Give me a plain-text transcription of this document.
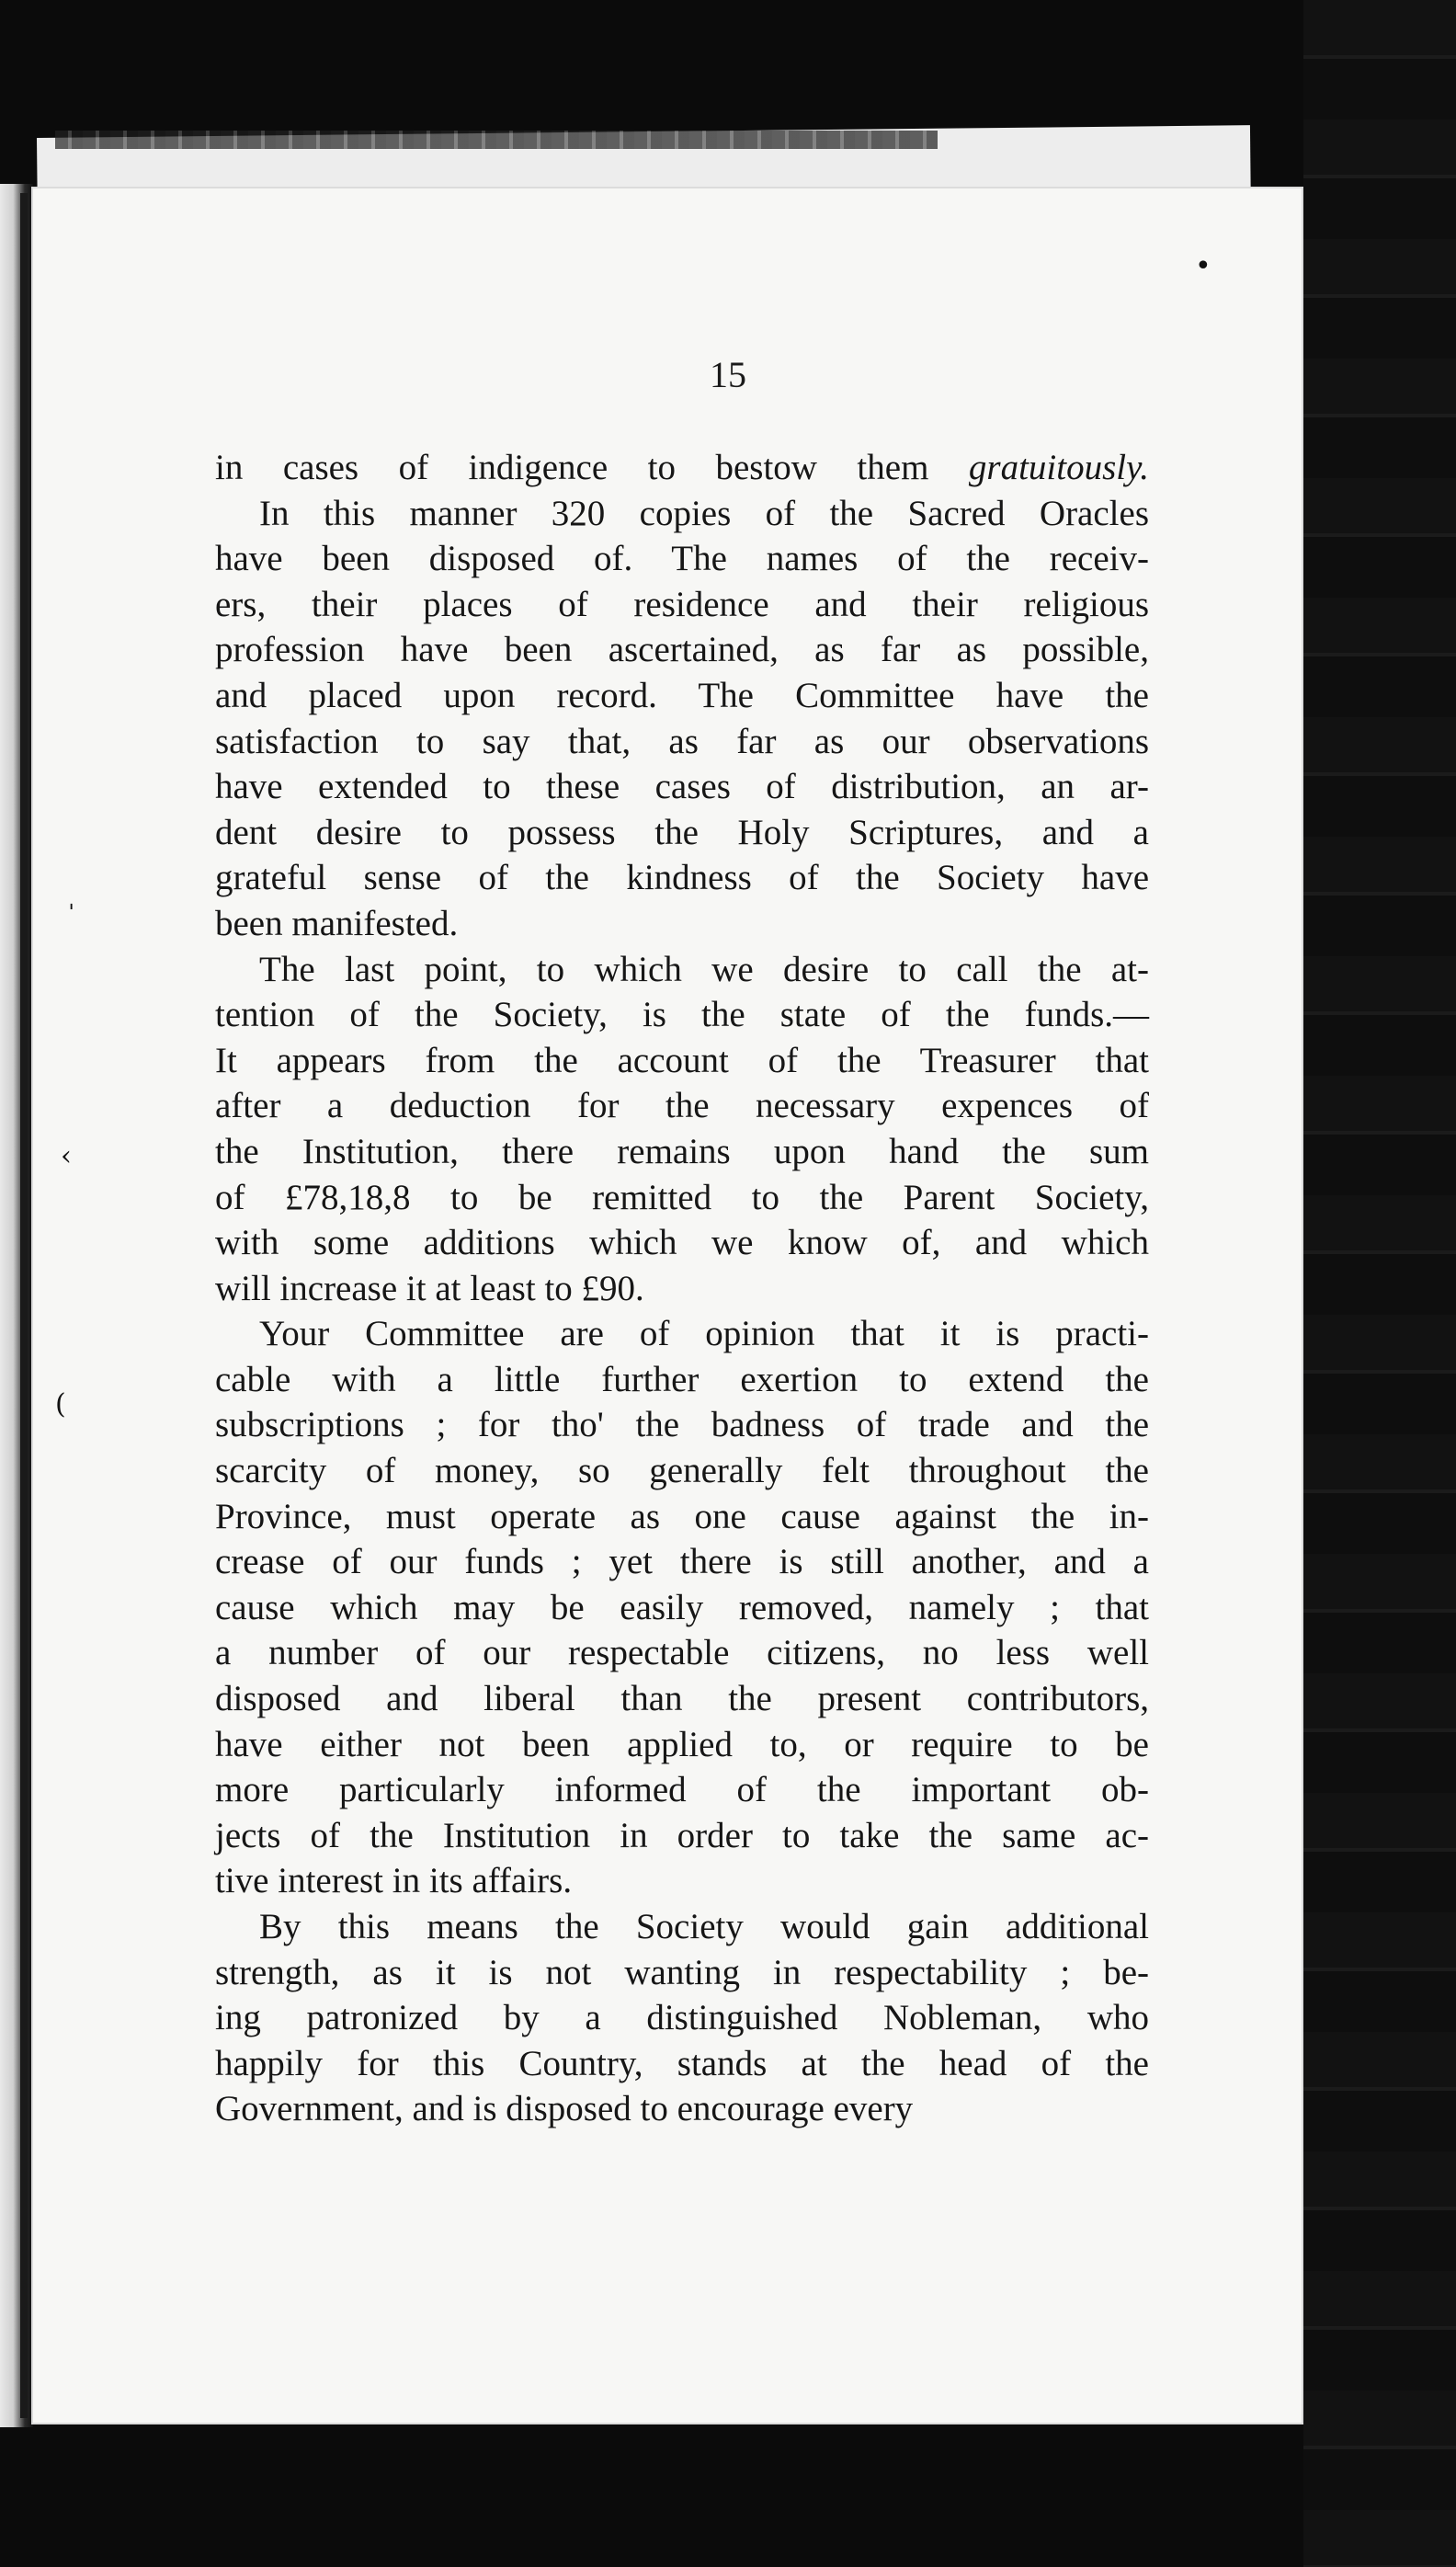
•
ˈ
‹
(
15
in cases of indigence to bestow them gratuitously.
In this manner 320 copies of the Sacred Oracles
have been disposed of. The names of the receiv-
ers, their places of residence and their religious
profession have been ascertained, as far as possible,
and placed upon record. The Committee have the
satisfaction to say that, as far as our observations
have extended to these cases of distribution, an ar-
dent desire to possess the Holy Scriptures, and a
grateful sense of the kindness of the Society have
been manifested.
The last point, to which we desire to call the at-
tention of the Society, is the state of the funds.—
It appears from the account of the Treasurer that
after a deduction for the necessary expences of
the Institution, there remains upon hand the sum
of £78,18,8 to be remitted to the Parent Society,
with some additions which we know of, and which
will increase it at least to £90.
Your Committee are of opinion that it is practi-
cable with a little further exertion to extend the
subscriptions ; for tho' the badness of trade and the
scarcity of money, so generally felt throughout the
Province, must operate as one cause against the in-
crease of our funds ; yet there is still another, and a
cause which may be easily removed, namely ; that
a number of our respectable citizens, no less well
disposed and liberal than the present contributors,
have either not been applied to, or require to be
more particularly informed of the important ob-
jects of the Institution in order to take the same ac-
tive interest in its affairs.
By this means the Society would gain additional
strength, as it is not wanting in respectability ; be-
ing patronized by a distinguished Nobleman, who
happily for this Country, stands at the head of the
Government, and is disposed to encourage every
